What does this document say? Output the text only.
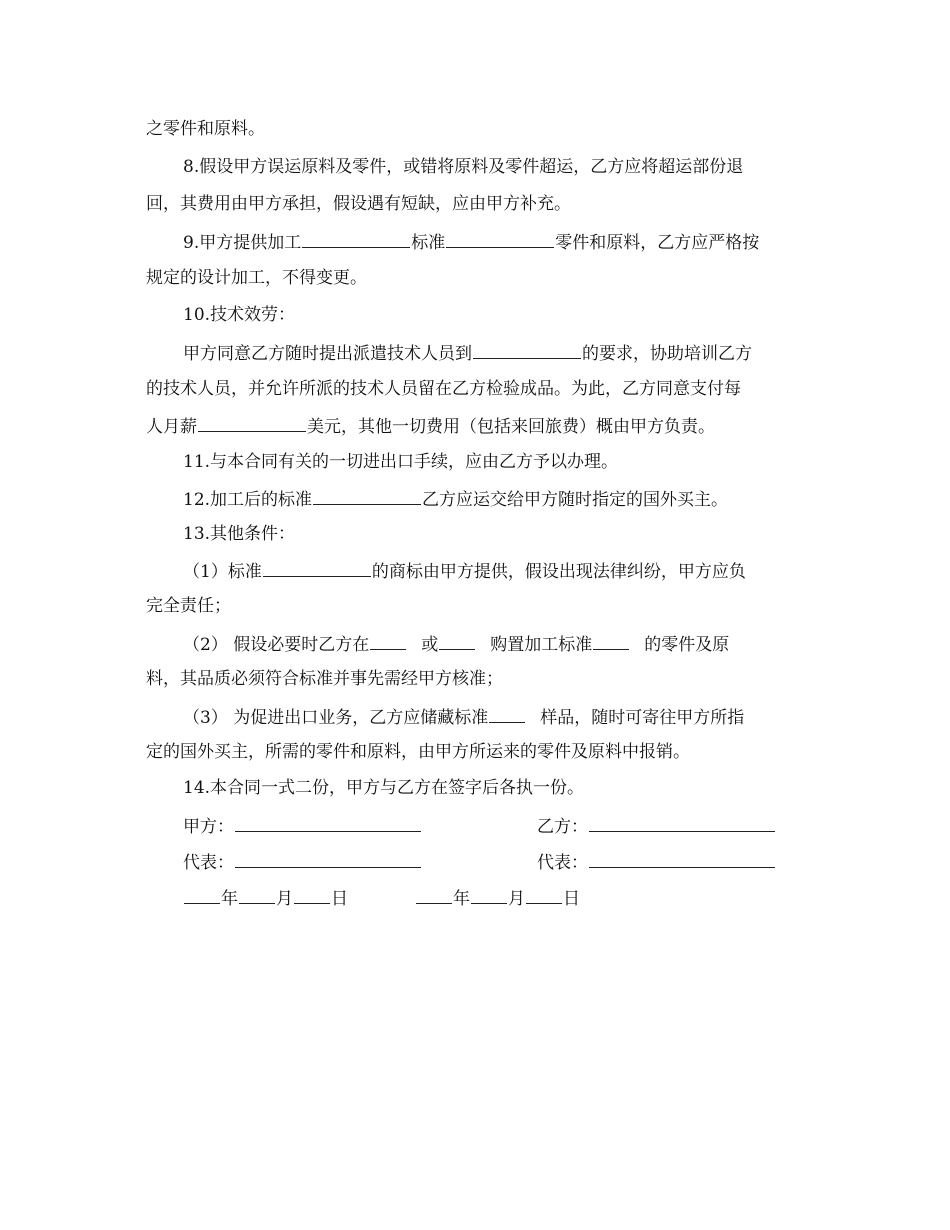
之零件和原料。
8.假设甲方误运原料及零件，或错将原料及零件超运，乙方应将超运部份退
回，其费用由甲方承担，假设遇有短缺，应由甲方补充。
9.甲方提供加工	标准	零件和原料，乙方应严格按
规定的设计加工，不得变更。
10.技术效劳：
甲方同意乙方随时提出派遣技术人员到	的要求，协助培训乙方
的技术人员，并允许所派的技术人员留在乙方检验成品。为此，乙方同意支付每
人月薪	美元，其他一切费用（包括来回旅费）概由甲方负责。
11.与本合同有关的一切进出口手续，应由乙方予以办理。
12.加工后的标准	乙方应运交给甲方随时指定的国外买主。
13.其他条件：
（1）标准	的商标由甲方提供，假设出现法律纠纷，甲方应负
完全责任；
（2） 假设必要时乙方在	或	购置加工标准	的零件及原
料，其品质必须符合标准并事先需经甲方核准；
（3） 为促进出口业务，乙方应储藏标准	样品，随时可寄往甲方所指
定的国外买主，所需的零件和原料，由甲方所运来的零件及原料中报销。
14.本合同一式二份，甲方与乙方在签字后各执一份。
甲方：	乙方：
代表：	代表：
年 月 日	年 月 日
